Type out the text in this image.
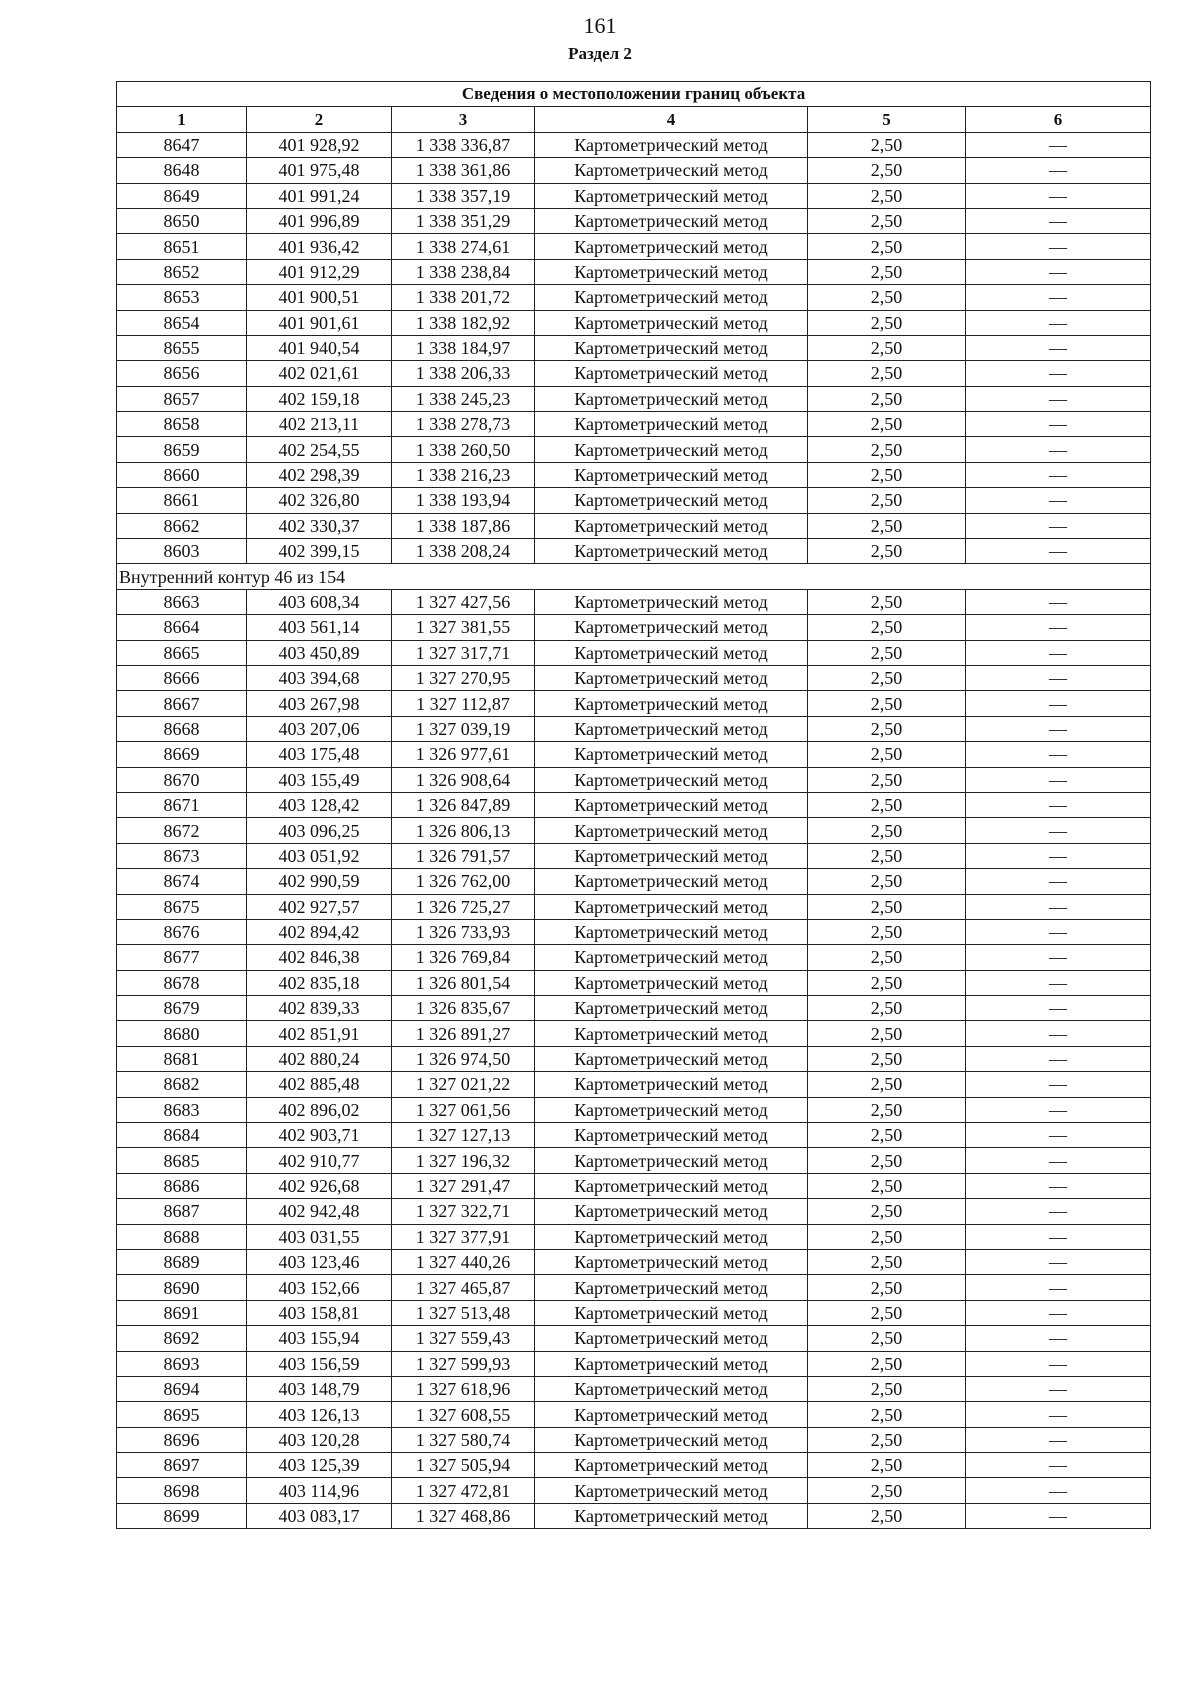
161
Раздел 2
Сведения о местоположении границ объекта					
1	2	3	4	5	6
8647	401 928,92	1 338 336,87	Картометрический метод	2,50	—
8648	401 975,48	1 338 361,86	Картометрический метод	2,50	—
8649	401 991,24	1 338 357,19	Картометрический метод	2,50	—
8650	401 996,89	1 338 351,29	Картометрический метод	2,50	—
8651	401 936,42	1 338 274,61	Картометрический метод	2,50	—
8652	401 912,29	1 338 238,84	Картометрический метод	2,50	—
8653	401 900,51	1 338 201,72	Картометрический метод	2,50	—
8654	401 901,61	1 338 182,92	Картометрический метод	2,50	—
8655	401 940,54	1 338 184,97	Картометрический метод	2,50	—
8656	402 021,61	1 338 206,33	Картометрический метод	2,50	—
8657	402 159,18	1 338 245,23	Картометрический метод	2,50	—
8658	402 213,11	1 338 278,73	Картометрический метод	2,50	—
8659	402 254,55	1 338 260,50	Картометрический метод	2,50	—
8660	402 298,39	1 338 216,23	Картометрический метод	2,50	—
8661	402 326,80	1 338 193,94	Картометрический метод	2,50	—
8662	402 330,37	1 338 187,86	Картометрический метод	2,50	—
8603	402 399,15	1 338 208,24	Картометрический метод	2,50	—
Внутренний контур 46 из 154					
8663	403 608,34	1 327 427,56	Картометрический метод	2,50	—
8664	403 561,14	1 327 381,55	Картометрический метод	2,50	—
8665	403 450,89	1 327 317,71	Картометрический метод	2,50	—
8666	403 394,68	1 327 270,95	Картометрический метод	2,50	—
8667	403 267,98	1 327 112,87	Картометрический метод	2,50	—
8668	403 207,06	1 327 039,19	Картометрический метод	2,50	—
8669	403 175,48	1 326 977,61	Картометрический метод	2,50	—
8670	403 155,49	1 326 908,64	Картометрический метод	2,50	—
8671	403 128,42	1 326 847,89	Картометрический метод	2,50	—
8672	403 096,25	1 326 806,13	Картометрический метод	2,50	—
8673	403 051,92	1 326 791,57	Картометрический метод	2,50	—
8674	402 990,59	1 326 762,00	Картометрический метод	2,50	—
8675	402 927,57	1 326 725,27	Картометрический метод	2,50	—
8676	402 894,42	1 326 733,93	Картометрический метод	2,50	—
8677	402 846,38	1 326 769,84	Картометрический метод	2,50	—
8678	402 835,18	1 326 801,54	Картометрический метод	2,50	—
8679	402 839,33	1 326 835,67	Картометрический метод	2,50	—
8680	402 851,91	1 326 891,27	Картометрический метод	2,50	—
8681	402 880,24	1 326 974,50	Картометрический метод	2,50	—
8682	402 885,48	1 327 021,22	Картометрический метод	2,50	—
8683	402 896,02	1 327 061,56	Картометрический метод	2,50	—
8684	402 903,71	1 327 127,13	Картометрический метод	2,50	—
8685	402 910,77	1 327 196,32	Картометрический метод	2,50	—
8686	402 926,68	1 327 291,47	Картометрический метод	2,50	—
8687	402 942,48	1 327 322,71	Картометрический метод	2,50	—
8688	403 031,55	1 327 377,91	Картометрический метод	2,50	—
8689	403 123,46	1 327 440,26	Картометрический метод	2,50	—
8690	403 152,66	1 327 465,87	Картометрический метод	2,50	—
8691	403 158,81	1 327 513,48	Картометрический метод	2,50	—
8692	403 155,94	1 327 559,43	Картометрический метод	2,50	—
8693	403 156,59	1 327 599,93	Картометрический метод	2,50	—
8694	403 148,79	1 327 618,96	Картометрический метод	2,50	—
8695	403 126,13	1 327 608,55	Картометрический метод	2,50	—
8696	403 120,28	1 327 580,74	Картометрический метод	2,50	—
8697	403 125,39	1 327 505,94	Картометрический метод	2,50	—
8698	403 114,96	1 327 472,81	Картометрический метод	2,50	—
8699	403 083,17	1 327 468,86	Картометрический метод	2,50	—
